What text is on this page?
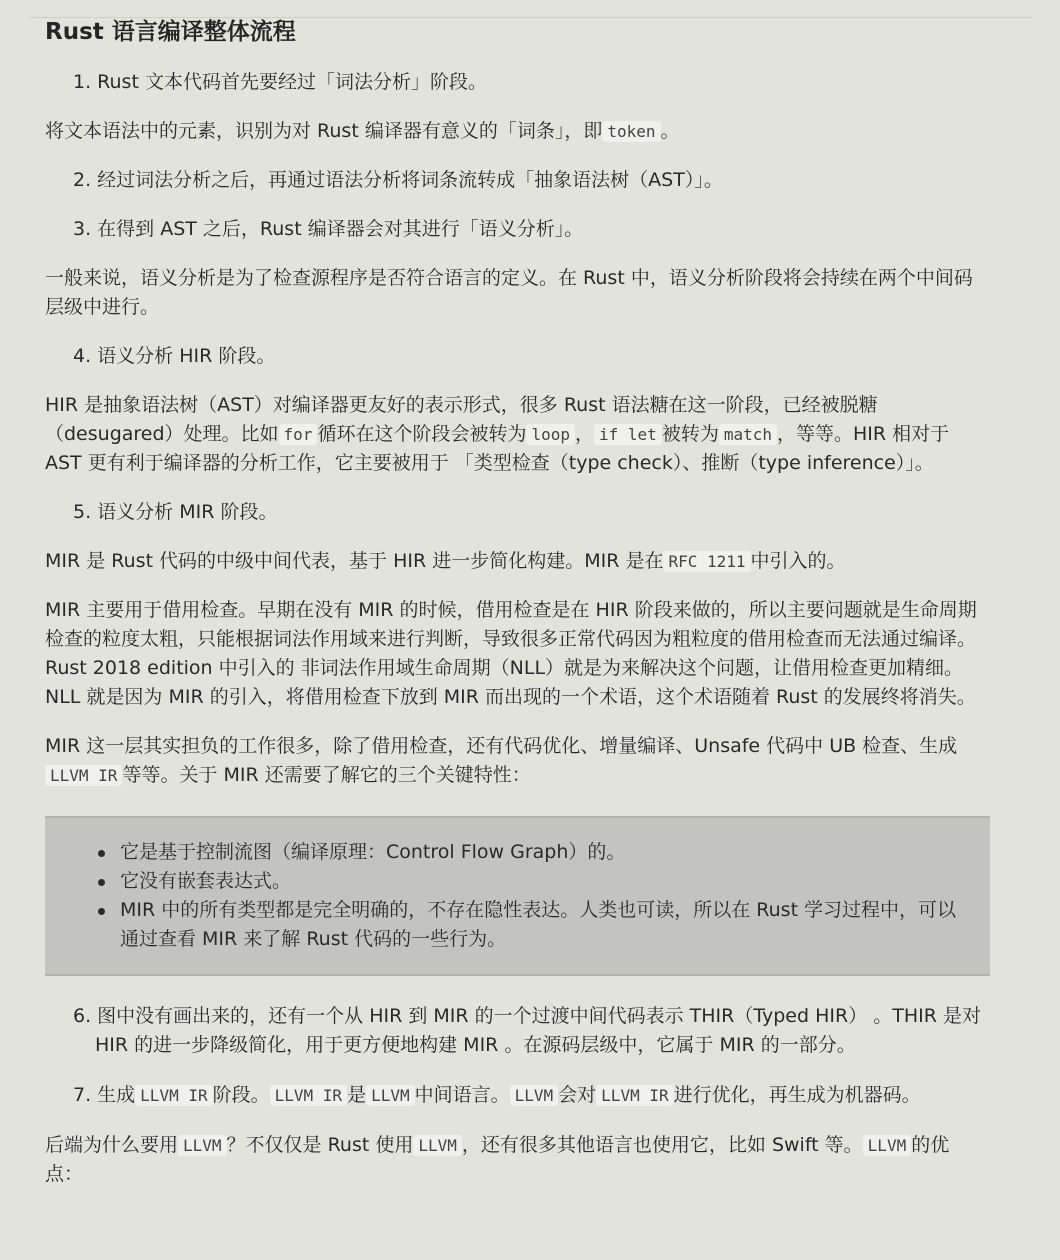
Rust 语言编译整体流程

1. Rust 文本代码首先要经过「词法分析」阶段。

将文本语法中的元素，识别为对 Rust 编译器有意义的「词条」，即 token 。

2. 经过词法分析之后，再通过语法分析将词条流转成「抽象语法树（AST）」。

3. 在得到 AST 之后，Rust 编译器会对其进行「语义分析」。

一般来说，语义分析是为了检查源程序是否符合语言的定义。在 Rust 中，语义分析阶段将会持续在两个中间码层级中进行。

4. 语义分析 HIR 阶段。

HIR 是抽象语法树（AST）对编译器更友好的表示形式，很多 Rust 语法糖在这一阶段，已经被脱糖（desugared）处理。比如 for 循环在这个阶段会被转为 loop ， if let 被转为 match ，等等。HIR 相对于 AST 更有利于编译器的分析工作，它主要被用于 「类型检查（type check）、推断（type inference）」。

5. 语义分析 MIR 阶段。

MIR 是 Rust 代码的中级中间代表，基于 HIR 进一步简化构建。MIR 是在 RFC 1211 中引入的。

MIR 主要用于借用检查。早期在没有 MIR 的时候，借用检查是在 HIR 阶段来做的，所以主要问题就是生命周期检查的粒度太粗，只能根据词法作用域来进行判断，导致很多正常代码因为粗粒度的借用检查而无法通过编译。Rust 2018 edition 中引入的 非词法作用域生命周期（NLL）就是为来解决这个问题，让借用检查更加精细。NLL 就是因为 MIR 的引入，将借用检查下放到 MIR 而出现的一个术语，这个术语随着 Rust 的发展终将消失。

MIR 这一层其实担负的工作很多，除了借用检查，还有代码优化、增量编译、Unsafe 代码中 UB 检查、生成LLVM IR 等等。关于 MIR 还需要了解它的三个关键特性：

它是基于控制流图（编译原理：Control Flow Graph）的。

它没有嵌套表达式。

MIR 中的所有类型都是完全明确的，不存在隐性表达。人类也可读，所以在 Rust 学习过程中，可以通过查看 MIR 来了解 Rust 代码的一些行为。

6. 图中没有画出来的，还有一个从 HIR 到 MIR 的一个过渡中间代码表示 THIR（Typed HIR） 。THIR 是对 HIR 的进一步降级简化，用于更方便地构建 MIR 。在源码层级中，它属于 MIR 的一部分。

7. 生成 LLVM IR 阶段。 LLVM IR 是 LLVM 中间语言。 LLVM 会对 LLVM IR 进行优化，再生成为机器码。

后端为什么要用 LLVM ？不仅仅是 Rust 使用 LLVM ，还有很多其他语言也使用它，比如 Swift 等。 LLVM 的优点：
